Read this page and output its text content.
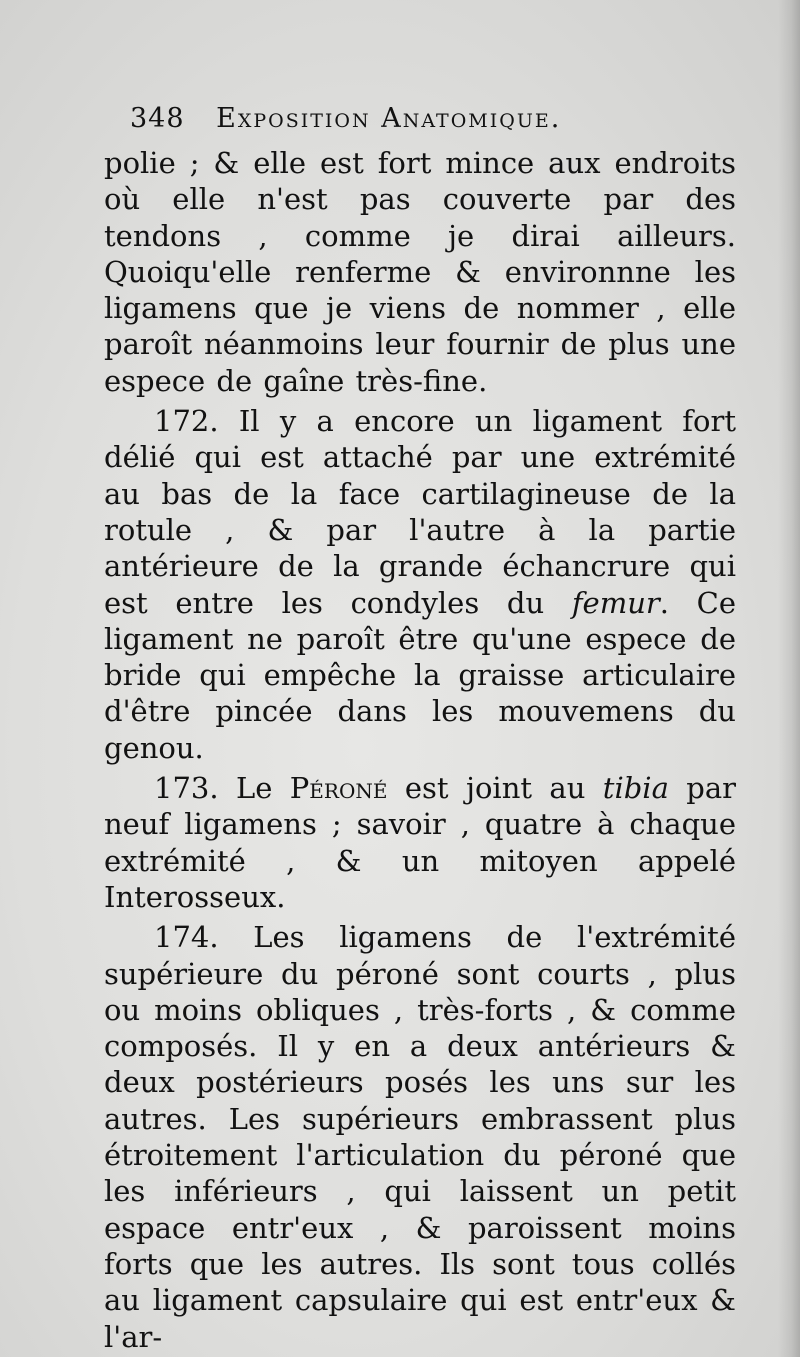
348 Exposition Anatomique.

polie ; & elle est fort mince aux endroits où elle n'est pas couverte par des tendons , comme je dirai ailleurs. Quoiqu'elle renferme & environnne les ligamens que je viens de nommer , elle paroît néanmoins leur fournir de plus une espece de gaîne très-fine.

172. Il y a encore un ligament fort délié qui est attaché par une extrémité au bas de la face cartilagineuse de la rotule , & par l'autre à la partie antérieure de la grande échancrure qui est entre les condyles du femur. Ce ligament ne paroît être qu'une espece de bride qui empêche la graisse articulaire d'être pincée dans les mouvemens du genou.

173. Le Péroné est joint au tibia par neuf ligamens ; savoir , quatre à chaque extrémité , & un mitoyen appelé Interosseux.

174. Les ligamens de l'extrémité supérieure du péroné sont courts , plus ou moins obliques , très-forts , & comme composés. Il y en a deux antérieurs & deux postérieurs posés les uns sur les autres. Les supérieurs embrassent plus étroitement l'articulation du péroné que les inférieurs , qui laissent un petit espace entr'eux , & paroissent moins forts que les autres. Ils sont tous collés au ligament capsulaire qui est entr'eux & l'ar-
